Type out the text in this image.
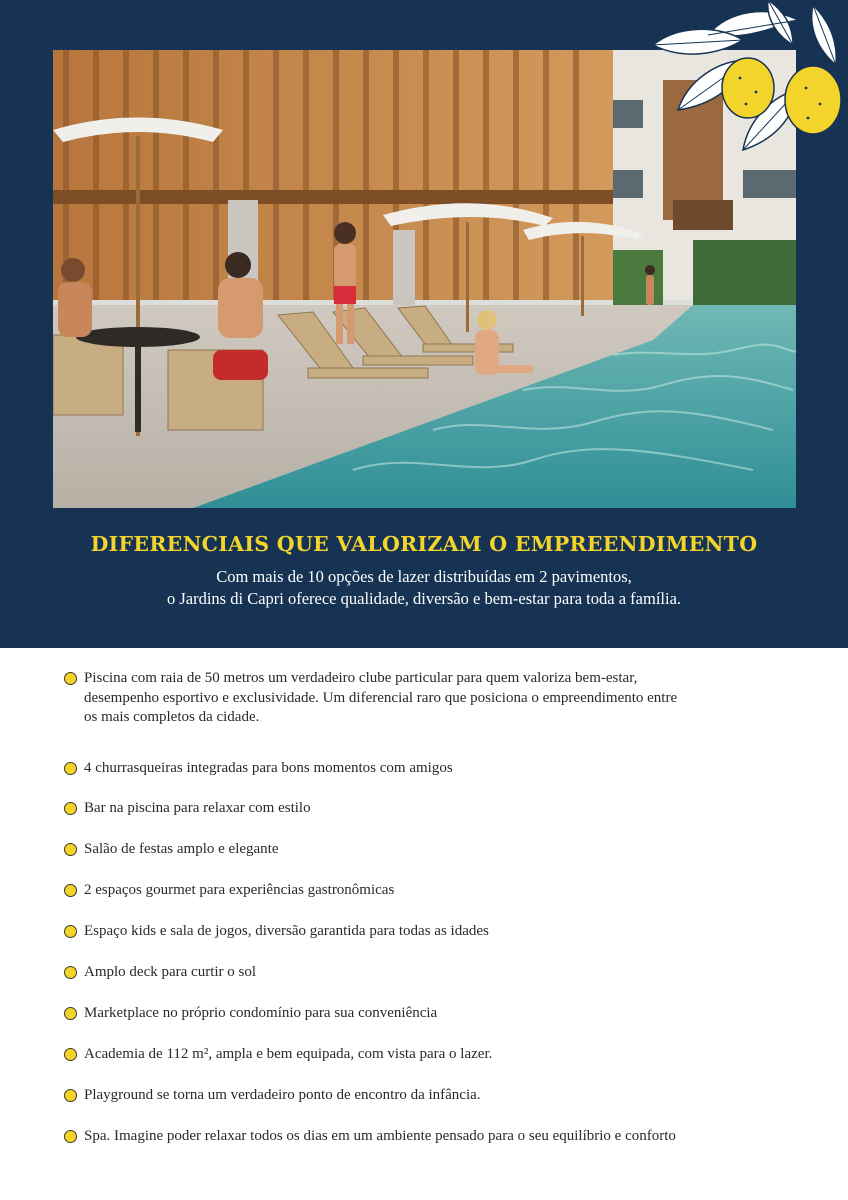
DIFERENCIAIS QUE VALORIZAM O EMPREENDIMENTO
Com mais de 10 opções de lazer distribuídas em 2 pavimentos,
o Jardins di Capri oferece qualidade, diversão e bem-estar para toda a família.
Piscina com raia de 50 metros um verdadeiro clube particular para quem valoriza bem-estar,
desempenho esportivo e exclusividade. Um diferencial raro que posiciona o empreendimento entre
os mais completos da cidade.
4 churrasqueiras integradas para bons momentos com amigos
Bar na piscina para relaxar com estilo
Salão de festas amplo e elegante
2 espaços gourmet para experiências gastronômicas
Espaço kids e sala de jogos, diversão garantida para todas as idades
Amplo deck para curtir o sol
Marketplace no próprio condomínio para sua conveniência
Academia de 112 m², ampla e bem equipada, com vista para o lazer.
Playground se torna um verdadeiro ponto de encontro da infância.
Spa. Imagine poder relaxar todos os dias em um ambiente pensado para o seu equilíbrio e conforto
